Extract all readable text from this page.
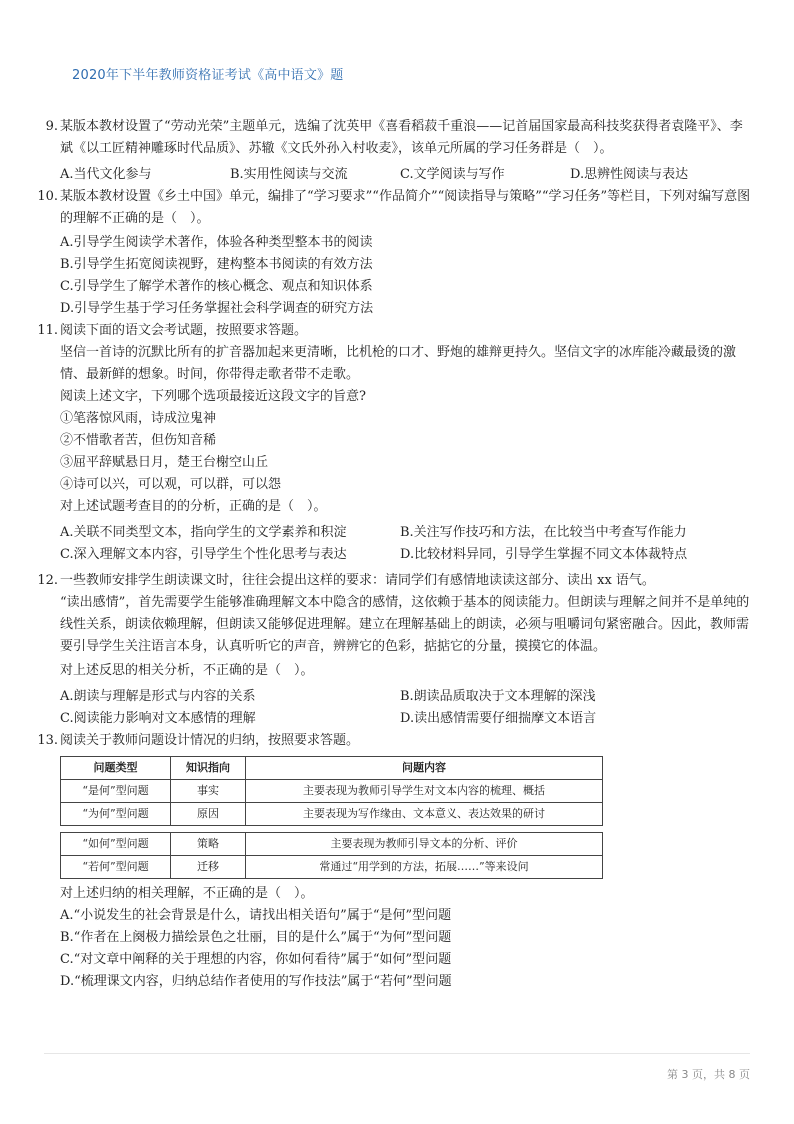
2020年下半年教师资格证考试《高中语文》题
9. 某版本教材设置了“劳动光荣”主题单元，选编了沈英甲《喜看稻菽千重浪——记首届国家最高科技奖获得者袁隆平》、李斌《以工匠精神雕琢时代品质》、苏辙《文氏外孙入村收麦》，该单元所属的学习任务群是（　）。
A.当代文化参与	B.实用性阅读与交流	C.文学阅读与写作	D.思辨性阅读与表达
10. 某版本教材设置《乡土中国》单元，编排了“学习要求”“作品简介”“阅读指导与策略”“学习任务”等栏目，下列对编写意图的理解不正确的是（　）。
A.引导学生阅读学术著作，体验各种类型整本书的阅读
B.引导学生拓宽阅读视野，建构整本书阅读的有效方法
C.引导学生了解学术著作的核心概念、观点和知识体系
D.引导学生基于学习任务掌握社会科学调查的研究方法
11. 阅读下面的语文会考试题，按照要求答题。
坚信一首诗的沉默比所有的扩音器加起来更清晰，比机枪的口才、野炮的雄辩更持久。坚信文字的冰库能冷藏最烫的激情、最新鲜的想象。时间，你带得走歌者带不走歌。
阅读上述文字，下列哪个选项最接近这段文字的旨意?
①笔落惊风雨，诗成泣鬼神
②不惜歌者苦，但伤知音稀
③屈平辞赋悬日月，楚王台榭空山丘
④诗可以兴，可以观，可以群，可以怨
对上述试题考查目的的分析，正确的是（　）。
A.关联不同类型文本，指向学生的文学素养和积淀	B.关注写作技巧和方法，在比较当中考查写作能力
C.深入理解文本内容，引导学生个性化思考与表达	D.比较材料异同，引导学生掌握不同文本体裁特点
12. 一些教师安排学生朗读课文时，往往会提出这样的要求：请同学们有感情地读读这部分、读出 xx 语气。
“读出感情”，首先需要学生能够准确理解文本中隐含的感情，这依赖于基本的阅读能力。但朗读与理解之间并不是单纯的线性关系，朗读依赖理解，但朗读又能够促进理解。建立在理解基础上的朗读，必须与咀嚼词句紧密融合。因此，教师需要引导学生关注语言本身，认真听听它的声音，辨辨它的色彩，掂掂它的分量，摸摸它的体温。
对上述反思的相关分析，不正确的是（　）。
A.朗读与理解是形式与内容的关系	B.朗读品质取决于文本理解的深浅
C.阅读能力影响对文本感情的理解	D.读出感情需要仔细揣摩文本语言
13. 阅读关于教师问题设计情况的归纳，按照要求答题。
问题类型	知识指向	问题内容
“是何”型问题	事实	主要表现为教师引导学生对文本内容的梳理、概括
“为何”型问题	原因	主要表现为写作缘由、文本意义、表达效果的研讨
“如何”型问题	策略	主要表现为教师引导文本的分析、评价
“若何”型问题	迁移	常通过“用学到的方法，拓展……”等来设问
对上述归纳的相关理解，不正确的是（　）。
A.“小说发生的社会背景是什么，请找出相关语句”属于“是何”型问题
B.“作者在上阕极力描绘景色之壮丽，目的是什么”属于“为何”型问题
C.“对文章中阐释的关于理想的内容，你如何看待”属于“如何”型问题
D.“梳理课文内容，归纳总结作者使用的写作技法”属于“若何”型问题
第 3 页，共 8 页
